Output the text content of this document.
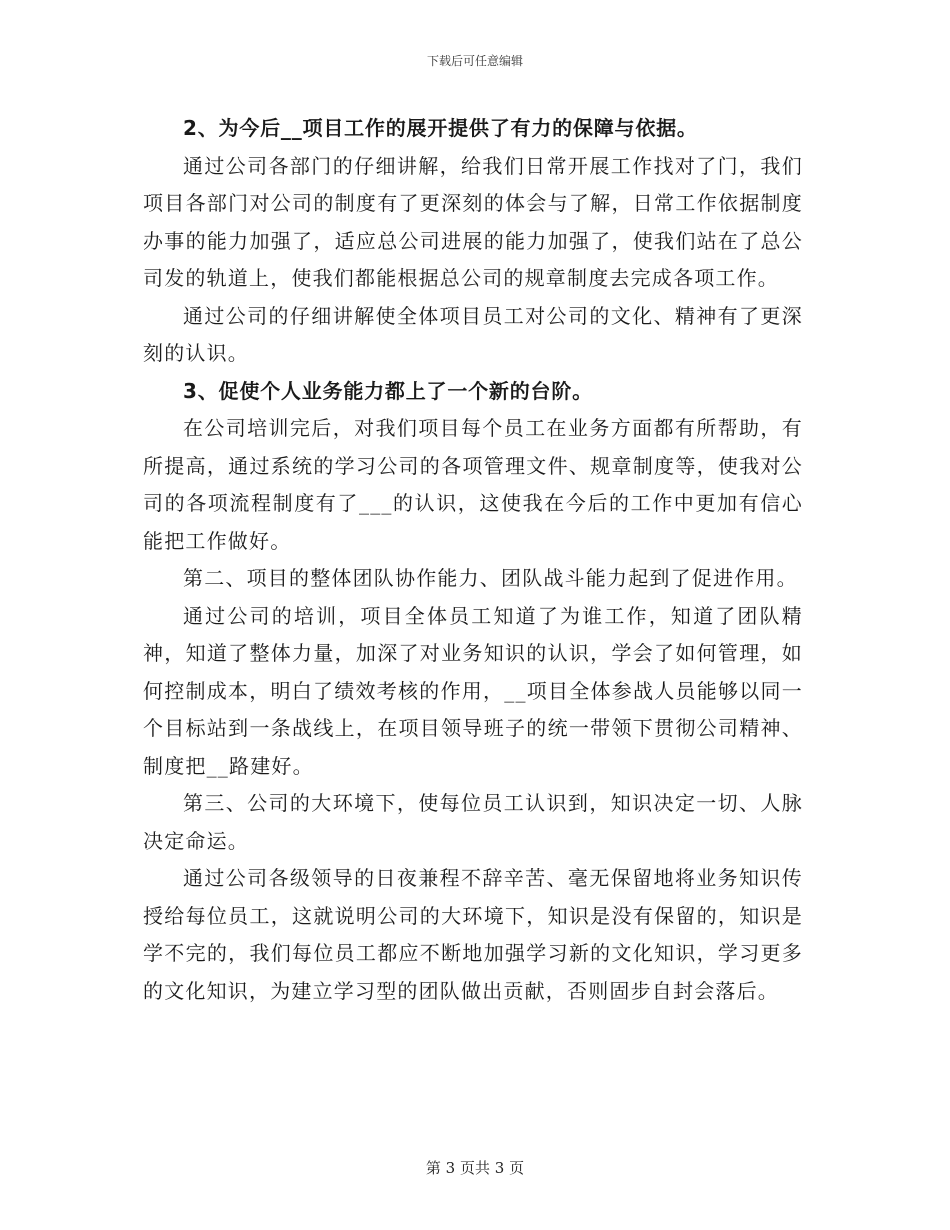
下载后可任意编辑

2、为今后__项目工作的展开提供了有力的保障与依据。

通过公司各部门的仔细讲解，给我们日常开展工作找对了门，我们项目各部门对公司的制度有了更深刻的体会与了解，日常工作依据制度办事的能力加强了，适应总公司进展的能力加强了，使我们站在了总公司发的轨道上，使我们都能根据总公司的规章制度去完成各项工作。

通过公司的仔细讲解使全体项目员工对公司的文化、精神有了更深刻的认识。

3、促使个人业务能力都上了一个新的台阶。

在公司培训完后，对我们项目每个员工在业务方面都有所帮助，有所提高，通过系统的学习公司的各项管理文件、规章制度等，使我对公司的各项流程制度有了___的认识，这使我在今后的工作中更加有信心能把工作做好。

第二、项目的整体团队协作能力、团队战斗能力起到了促进作用。

通过公司的培训，项目全体员工知道了为谁工作，知道了团队精神，知道了整体力量，加深了对业务知识的认识，学会了如何管理，如何控制成本，明白了绩效考核的作用，__项目全体参战人员能够以同一个目标站到一条战线上，在项目领导班子的统一带领下贯彻公司精神、制度把__路建好。

第三、公司的大环境下，使每位员工认识到，知识决定一切、人脉决定命运。

通过公司各级领导的日夜兼程不辞辛苦、毫无保留地将业务知识传授给每位员工，这就说明公司的大环境下，知识是没有保留的，知识是学不完的，我们每位员工都应不断地加强学习新的文化知识，学习更多的文化知识，为建立学习型的团队做出贡献，否则固步自封会落后。

第 3 页共 3 页
